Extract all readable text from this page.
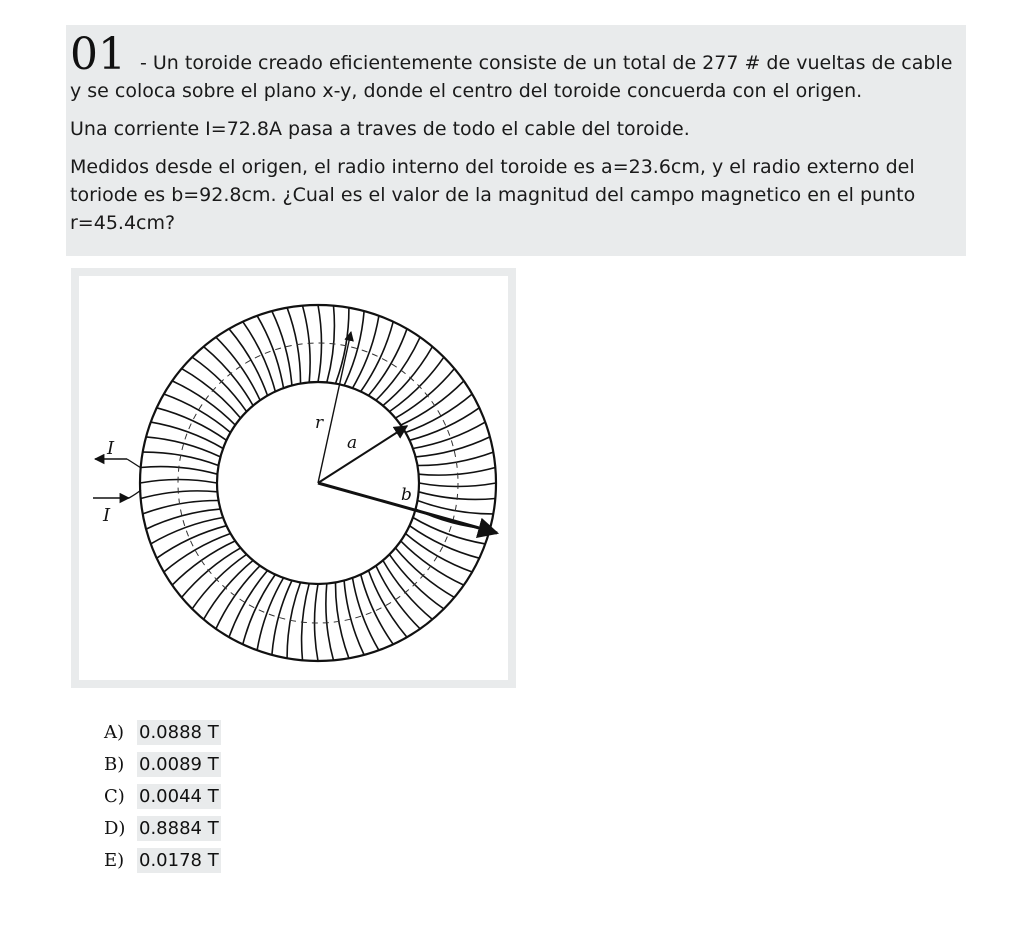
01 - Un toroide creado eficientemente consiste de un total de 277 # de vueltas de cable
y se coloca sobre el plano x-y, donde el centro del toroide concuerda con el origen.
Una corriente I=72.8A pasa a traves de todo el cable del toroide.
Medidos desde el origen, el radio interno del toroide es a=23.6cm, y el radio externo del
toriode es b=92.8cm. ¿Cual es el valor de la magnitud del campo magnetico en el punto
r=45.4cm?
r
a
b
I
I
A) 0.0888 T
B) 0.0089 T
C) 0.0044 T
D) 0.8884 T
E) 0.0178 T
